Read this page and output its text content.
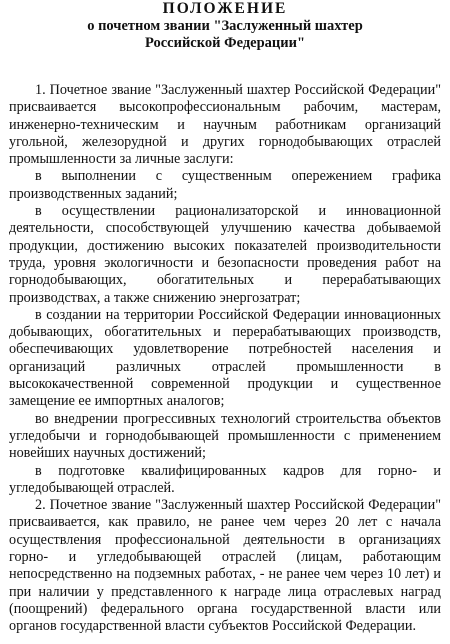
ПОЛОЖЕНИЕ
о почетном звании "Заслуженный шахтер
Российской Федерации"

1. Почетное звание "Заслуженный шахтер Российской Федерации" присваивается высокопрофессиональным рабочим, мастерам, инженерно-техническим и научным работникам организаций угольной, железорудной и других горнодобывающих отраслей промышленности за личные заслуги:

в выполнении с существенным опережением графика производственных заданий;

в осуществлении рационализаторской и инновационной деятельности, способствующей улучшению качества добываемой продукции, достижению высоких показателей производительности труда, уровня экологичности и безопасности проведения работ на горнодобывающих, обогатительных и перерабатывающих производствах, а также снижению энергозатрат;

в создании на территории Российской Федерации инновационных добывающих, обогатительных и перерабатывающих производств, обеспечивающих удовлетворение потребностей населения и организаций различных отраслей промышленности в высококачественной современной продукции и существенное замещение ее импортных аналогов;

во внедрении прогрессивных технологий строительства объектов угледобычи и горнодобывающей промышленности с применением новейших научных достижений;

в подготовке квалифицированных кадров для горно- и угледобывающей отраслей.

2. Почетное звание "Заслуженный шахтер Российской Федерации" присваивается, как правило, не ранее чем через 20 лет с начала осуществления профессиональной деятельности в организациях горно- и угледобывающей отраслей (лицам, работающим непосредственно на подземных работах, - не ранее чем через 10 лет) и при наличии у представленного к награде лица отраслевых наград (поощрений) федерального органа государственной власти или органов государственной власти субъектов Российской Федерации.
